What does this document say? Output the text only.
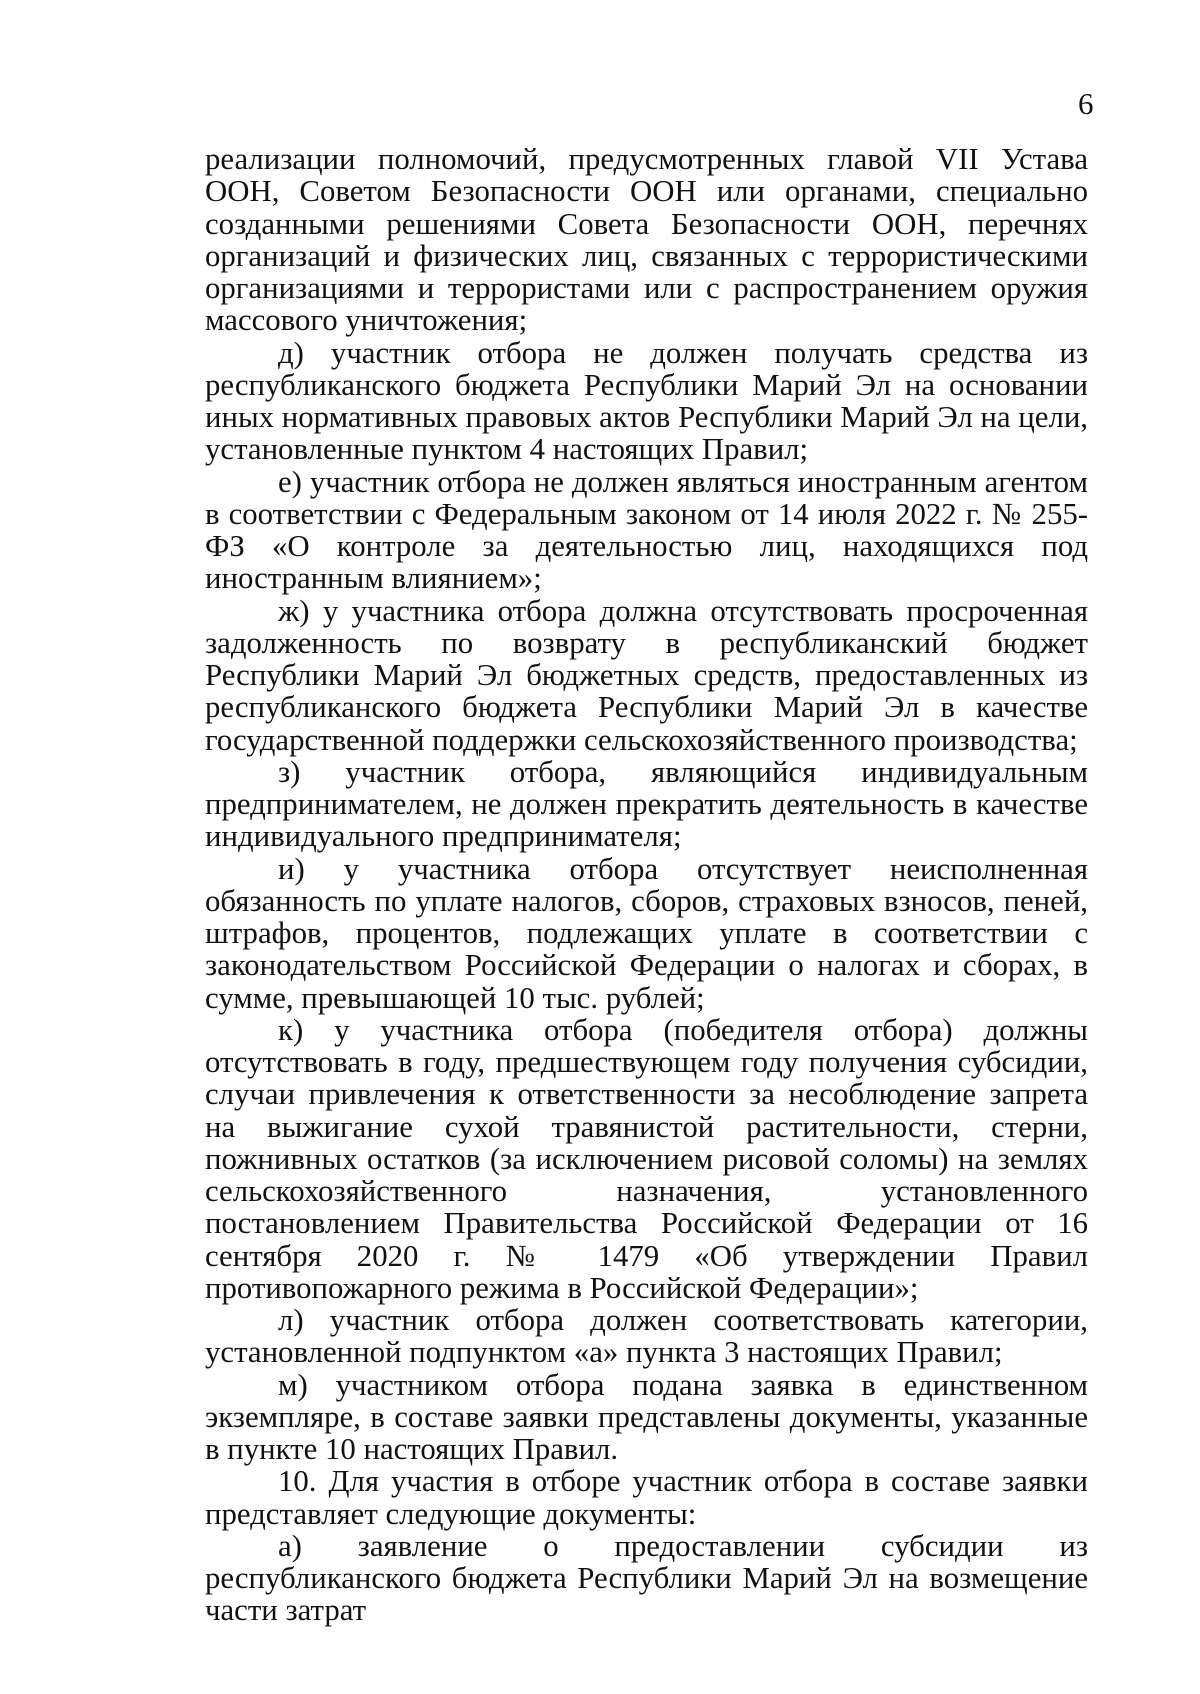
6

реализации полномочий, предусмотренных главой VII Устава ООН, Советом Безопасности ООН или органами, специально созданными решениями Совета Безопасности ООН, перечнях организаций и физических лиц, связанных с террористическими организациями и террористами или с распространением оружия массового уничтожения;

д) участник отбора не должен получать средства из республиканского бюджета Республики Марий Эл на основании иных нормативных правовых актов Республики Марий Эл на цели, установленные пунктом 4 настоящих Правил;

е) участник отбора не должен являться иностранным агентом в соответствии с Федеральным законом от 14 июля 2022 г. № 255-ФЗ «О контроле за деятельностью лиц, находящихся под иностранным влиянием»;

ж) у участника отбора должна отсутствовать просроченная задолженность по возврату в республиканский бюджет Республики Марий Эл бюджетных средств, предоставленных из республиканского бюджета Республики Марий Эл в качестве государственной поддержки сельскохозяйственного производства;

з) участник отбора, являющийся индивидуальным предпринимателем, не должен прекратить деятельность в качестве индивидуального предпринимателя;

и) у участника отбора отсутствует неисполненная обязанность по уплате налогов, сборов, страховых взносов, пеней, штрафов, процентов, подлежащих уплате в соответствии с законодательством Российской Федерации о налогах и сборах, в сумме, превышающей 10 тыс. рублей;

к) у участника отбора (победителя отбора) должны отсутствовать в году, предшествующем году получения субсидии, случаи привлечения к ответственности за несоблюдение запрета на выжигание сухой травянистой растительности, стерни, пожнивных остатков (за исключением рисовой соломы) на землях сельскохозяйственного назначения, установленного постановлением Правительства Российской Федерации от 16 сентября 2020 г. № 1479 «Об утверждении Правил противопожарного режима в Российской Федерации»;

л) участник отбора должен соответствовать категории, установленной подпунктом «а» пункта 3 настоящих Правил;

м) участником отбора подана заявка в единственном экземпляре, в составе заявки представлены документы, указанные в пункте 10 настоящих Правил.

10. Для участия в отборе участник отбора в составе заявки представляет следующие документы:

а) заявление о предоставлении субсидии из республиканского бюджета Республики Марий Эл на возмещение части затрат
